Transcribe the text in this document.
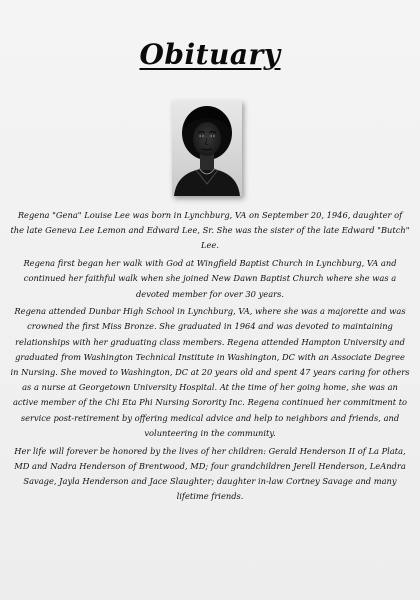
Obituary

Regena "Gena" Louise Lee was born in Lynchburg, VA on September 20, 1946, daughter of the late Geneva Lee Lemon and Edward Lee, Sr. She was the sister of the late Edward "Butch" Lee.

Regena first began her walk with God at Wingfield Baptist Church in Lynchburg, VA and continued her faithful walk when she joined New Dawn Baptist Church where she was a devoted member for over 30 years.

Regena attended Dunbar High School in Lynchburg, VA, where she was a majorette and was crowned the first Miss Bronze. She graduated in 1964 and was devoted to maintaining relationships with her graduating class members. Regena attended Hampton University and graduated from Washington Technical Institute in Washington, DC with an Associate Degree in Nursing. She moved to Washington, DC at 20 years old and spent 47 years caring for others as a nurse at Georgetown University Hospital. At the time of her going home, she was an active member of the Chi Eta Phi Nursing Sorority Inc. Regena continued her commitment to service post-retirement by offering medical advice and help to neighbors and friends, and volunteering in the community.

Her life will forever be honored by the lives of her children: Gerald Henderson II of La Plata, MD and Nadra Henderson of Brentwood, MD; four grandchildren Jerell Henderson, LeAndra Savage, Jayla Henderson and Jace Slaughter; daughter in-law Cortney Savage and many lifetime friends.
